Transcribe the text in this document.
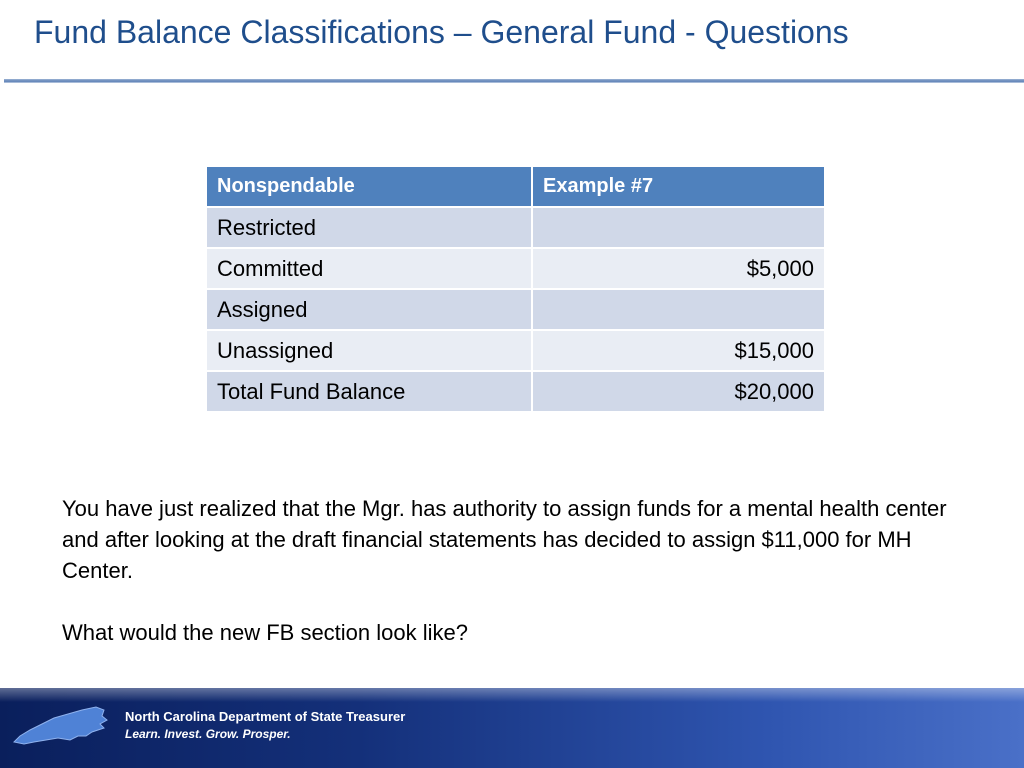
Fund Balance Classifications – General Fund - Questions
Nonspendable	Example #7
Restricted	
Committed	$5,000
Assigned	
Unassigned	$15,000
Total Fund Balance	$20,000

You have just realized that the Mgr. has authority to assign funds for a mental health center and after looking at the draft financial statements has decided to assign $11,000 for MH Center.

What would the new FB section look like?

North Carolina Department of State Treasurer
Learn. Invest. Grow. Prosper.
